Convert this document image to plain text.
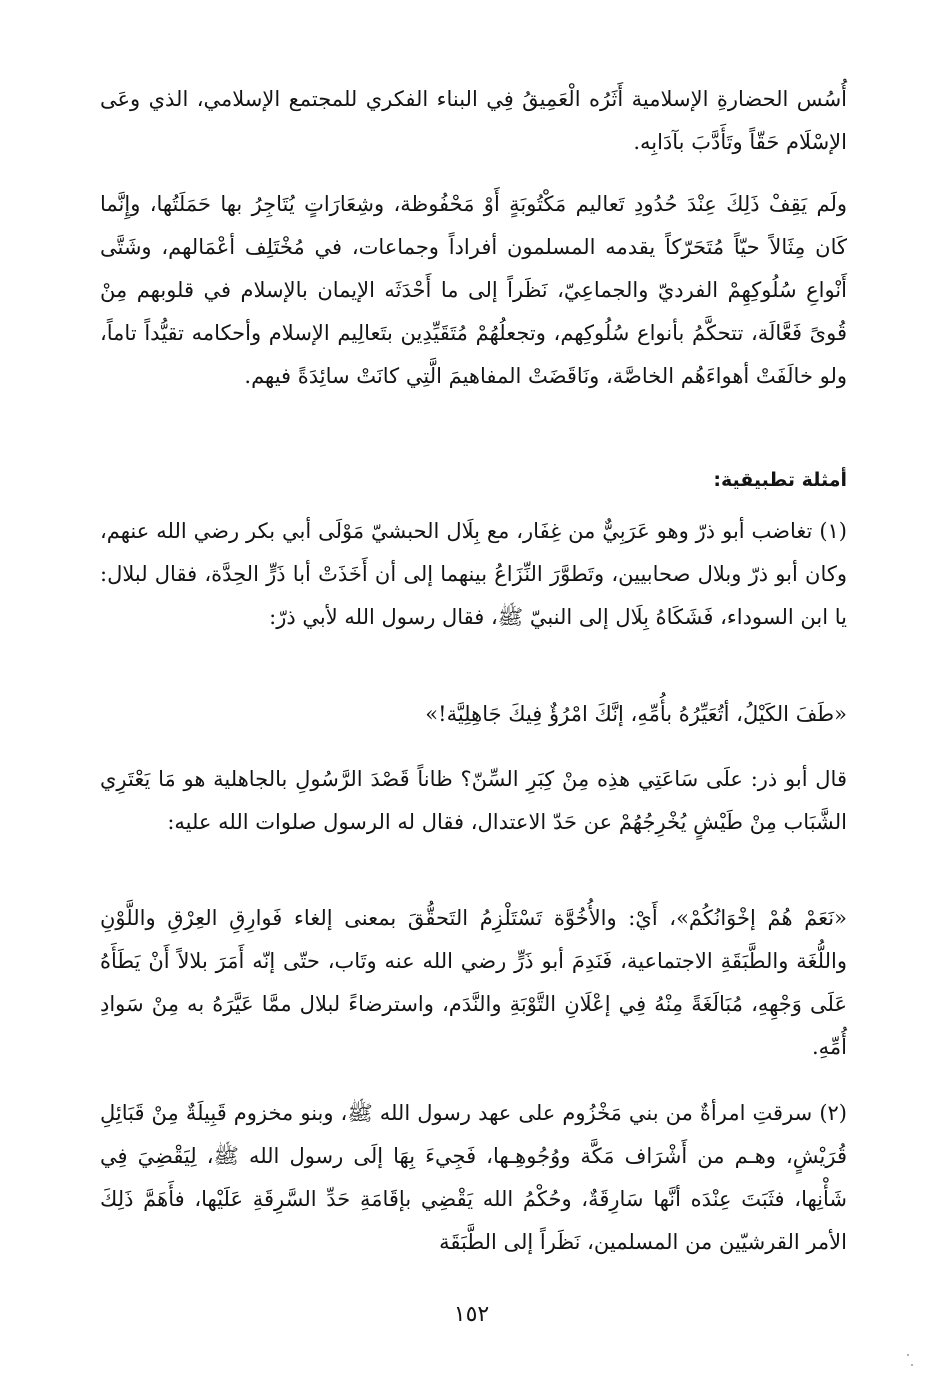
أُسُس الحضارةِ الإسلامية أَثَرُه الْعَمِيقُ فِي البناء الفكري للمجتمع الإسلامي، الذي وعَى الإسْلَام حَقّاً وتَأَدَّبَ بآدَابِه.

ولَم يَقِفْ ذَلِكَ عِنْدَ حُدُودِ تَعاليم مَكْتُوبَةٍ أَوْ مَحْفُوظة، وشِعَارَاتٍ يُتَاجِرُ بها حَمَلَتُها، وإِنَّما كَان مِثَالاً حيّاً مُتَحَرّكاً يقدمه المسلمون أفراداً وجماعات، في مُخْتَلِف أعْمَالهم، وشَتَّى أَنْواعِ سُلُوكِهِمْ الفرديّ والجماعِيّ، نَظَراً إلى ما أَحْدَثَه الإيمان بالإسلام في قلوبهم مِنْ قُوىً فَعَّالَة، تتحكَّمُ بأنواع سُلُوكِهم، وتجعلُهُمْ مُتَقَيِّدِين بتَعالِيم الإسلام وأحكامه تقيُّداً تاماً، ولو خالَفَتْ أهواءَهُم الخاصَّة، ونَاقَضَتْ المفاهيمَ الَّتِي كانَتْ سائِدَةً فيهم.

أمثلة تطبيقية:

(١) تغاضب أبو ذرّ وهو عَرَبِيٌّ من غِفَار، مع بِلَال الحبشيّ مَوْلَى أبي بكر رضي الله عنهم، وكان أبو ذرّ وبلال صحابيين، وتَطوَّرَ النِّزَاعُ بينهما إلى أن أَخَذَتْ أبا ذَرٍّ الحِدَّة، فقال لبلال: يا ابن السوداء، فَشَكَاهُ بِلَال إلى النبيّ ﷺ، فقال رسول الله لأبي ذرّ:

«طَفَ الكَيْلُ، أتُعَيِّرُهُ بأُمِّهِ، إنَّكَ امْرُؤٌ فِيكَ جَاهِلِيَّة!»

قال أبو ذر: علَى سَاعَتِي هذِه مِنْ كِبَرِ السِّنّ؟ ظاناً قَصْدَ الرَّسُولِ بالجاهلية هو مَا يَعْتَرِي الشَّبَاب مِنْ طَيْشٍ يُخْرِجُهُمْ عن حَدّ الاعتدال، فقال له الرسول صلوات الله عليه:

«نَعَمْ هُمْ إخْوَانُكُمْ»، أَيْ: والأُخُوَّة تَسْتَلْزِمُ التَحقُّقَ بمعنى إلغاء فَوارِقِ العِرْقِ واللَّوْنِ واللُّغَة والطَّبَقَةِ الاجتماعية، فَنَدِمَ أبو ذَرٍّ رضي الله عنه وتَاب، حتّى إنّه أَمَرَ بلالاً أَنْ يَطَأَهُ عَلَى وَجْهِهِ، مُبَالَغَةً مِنْهُ فِي إعْلَانِ التَّوْبَةِ والنَّدَم، واسترضاءً لبلال ممَّا عَيَّرَهُ به مِنْ سَوادِ أُمِّهِ.

(٢) سرقتِ امرأةٌ من بني مَخْزُوم على عهد رسول الله ﷺ، وبنو مخزوم قَبِيلَةٌ مِنْ قَبَائِلِ قُرَيْشٍ، وهـم من أَشْرَاف مَكَّة ووُجُوهِـها، فَجِيءَ بِهَا إلَى رسول الله ﷺ، لِيَقْضِيَ فِي شَأْنِها، فثَبَتَ عِنْدَه أنَّها سَارِقَةٌ، وحُكْمُ الله يَقْضِي بإقَامَةِ حَدِّ السَّرِقَةِ عَلَيْها، فأَهَمَّ ذَلِكَ الأمر القرشيّين من المسلمين، نَظَراً إلى الطَّبَقَة

١٥٢
